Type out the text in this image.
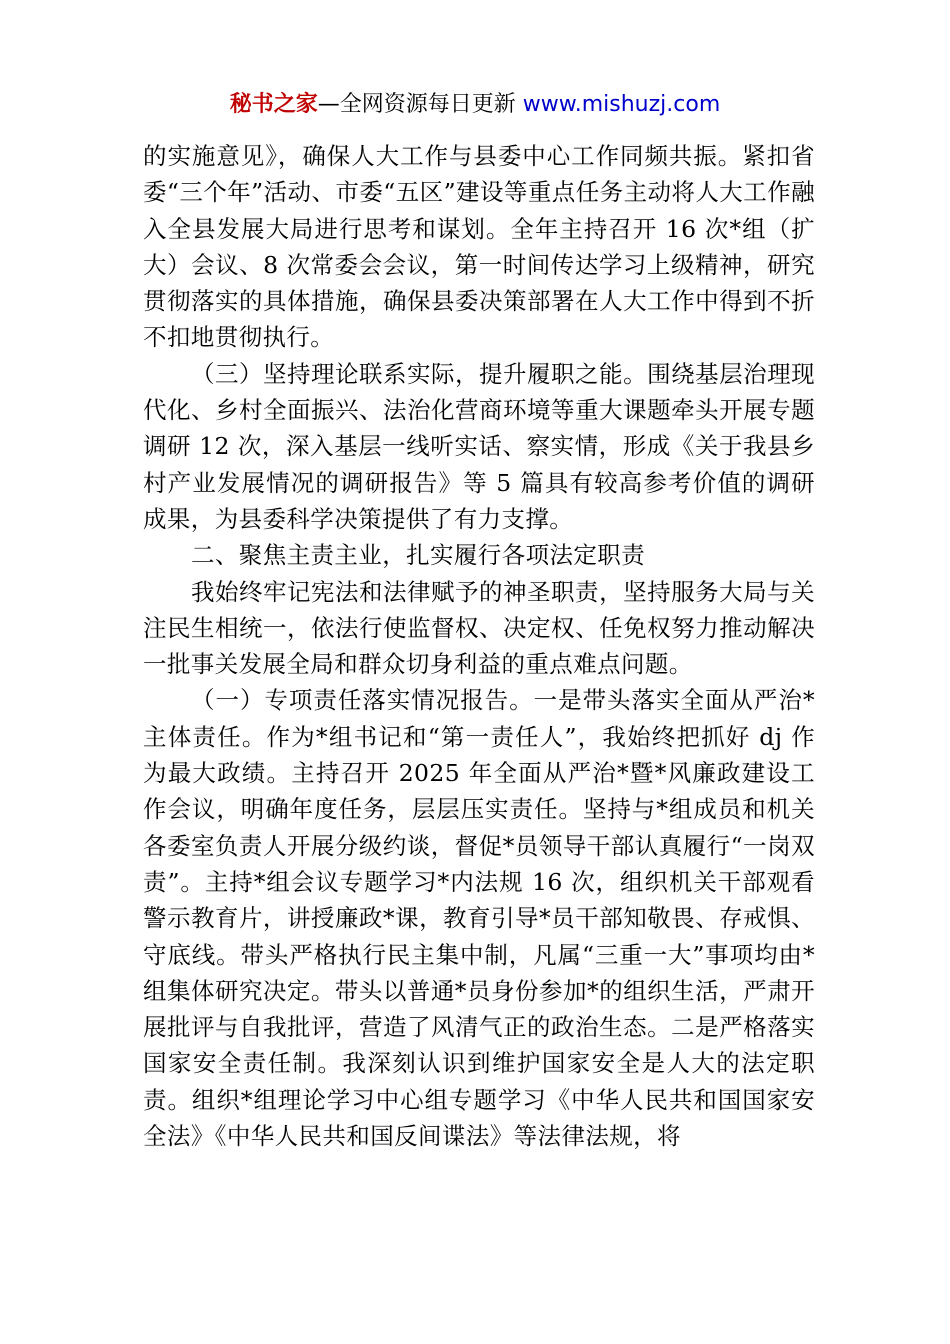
秘书之家—全网资源每日更新 www.mishuzj.com

的实施意见》，确保人大工作与县委中心工作同频共振。紧扣省委“三个年”活动、市委“五区”建设等重点任务主动将人大工作融入全县发展大局进行思考和谋划。全年主持召开 16 次*组（扩大）会议、8 次常委会会议，第一时间传达学习上级精神，研究贯彻落实的具体措施，确保县委决策部署在人大工作中得到不折不扣地贯彻执行。

（三）坚持理论联系实际，提升履职之能。围绕基层治理现代化、乡村全面振兴、法治化营商环境等重大课题牵头开展专题调研 12 次，深入基层一线听实话、察实情，形成《关于我县乡村产业发展情况的调研报告》等 5 篇具有较高参考价值的调研成果，为县委科学决策提供了有力支撑。

二、聚焦主责主业，扎实履行各项法定职责

我始终牢记宪法和法律赋予的神圣职责，坚持服务大局与关注民生相统一，依法行使监督权、决定权、任免权努力推动解决一批事关发展全局和群众切身利益的重点难点问题。

（一）专项责任落实情况报告。一是带头落实全面从严治*主体责任。作为*组书记和“第一责任人”，我始终把抓好 dj 作为最大政绩。主持召开 2025 年全面从严治*暨*风廉政建设工作会议，明确年度任务，层层压实责任。坚持与*组成员和机关各委室负责人开展分级约谈，督促*员领导干部认真履行“一岗双责”。主持*组会议专题学习*内法规 16 次，组织机关干部观看警示教育片，讲授廉政*课，教育引导*员干部知敬畏、存戒惧、守底线。带头严格执行民主集中制，凡属“三重一大”事项均由*组集体研究决定。带头以普通*员身份参加*的组织生活，严肃开展批评与自我批评，营造了风清气正的政治生态。二是严格落实国家安全责任制。我深刻认识到维护国家安全是人大的法定职责。组织*组理论学习中心组专题学习《中华人民共和国国家安全法》《中华人民共和国反间谍法》等法律法规，将
